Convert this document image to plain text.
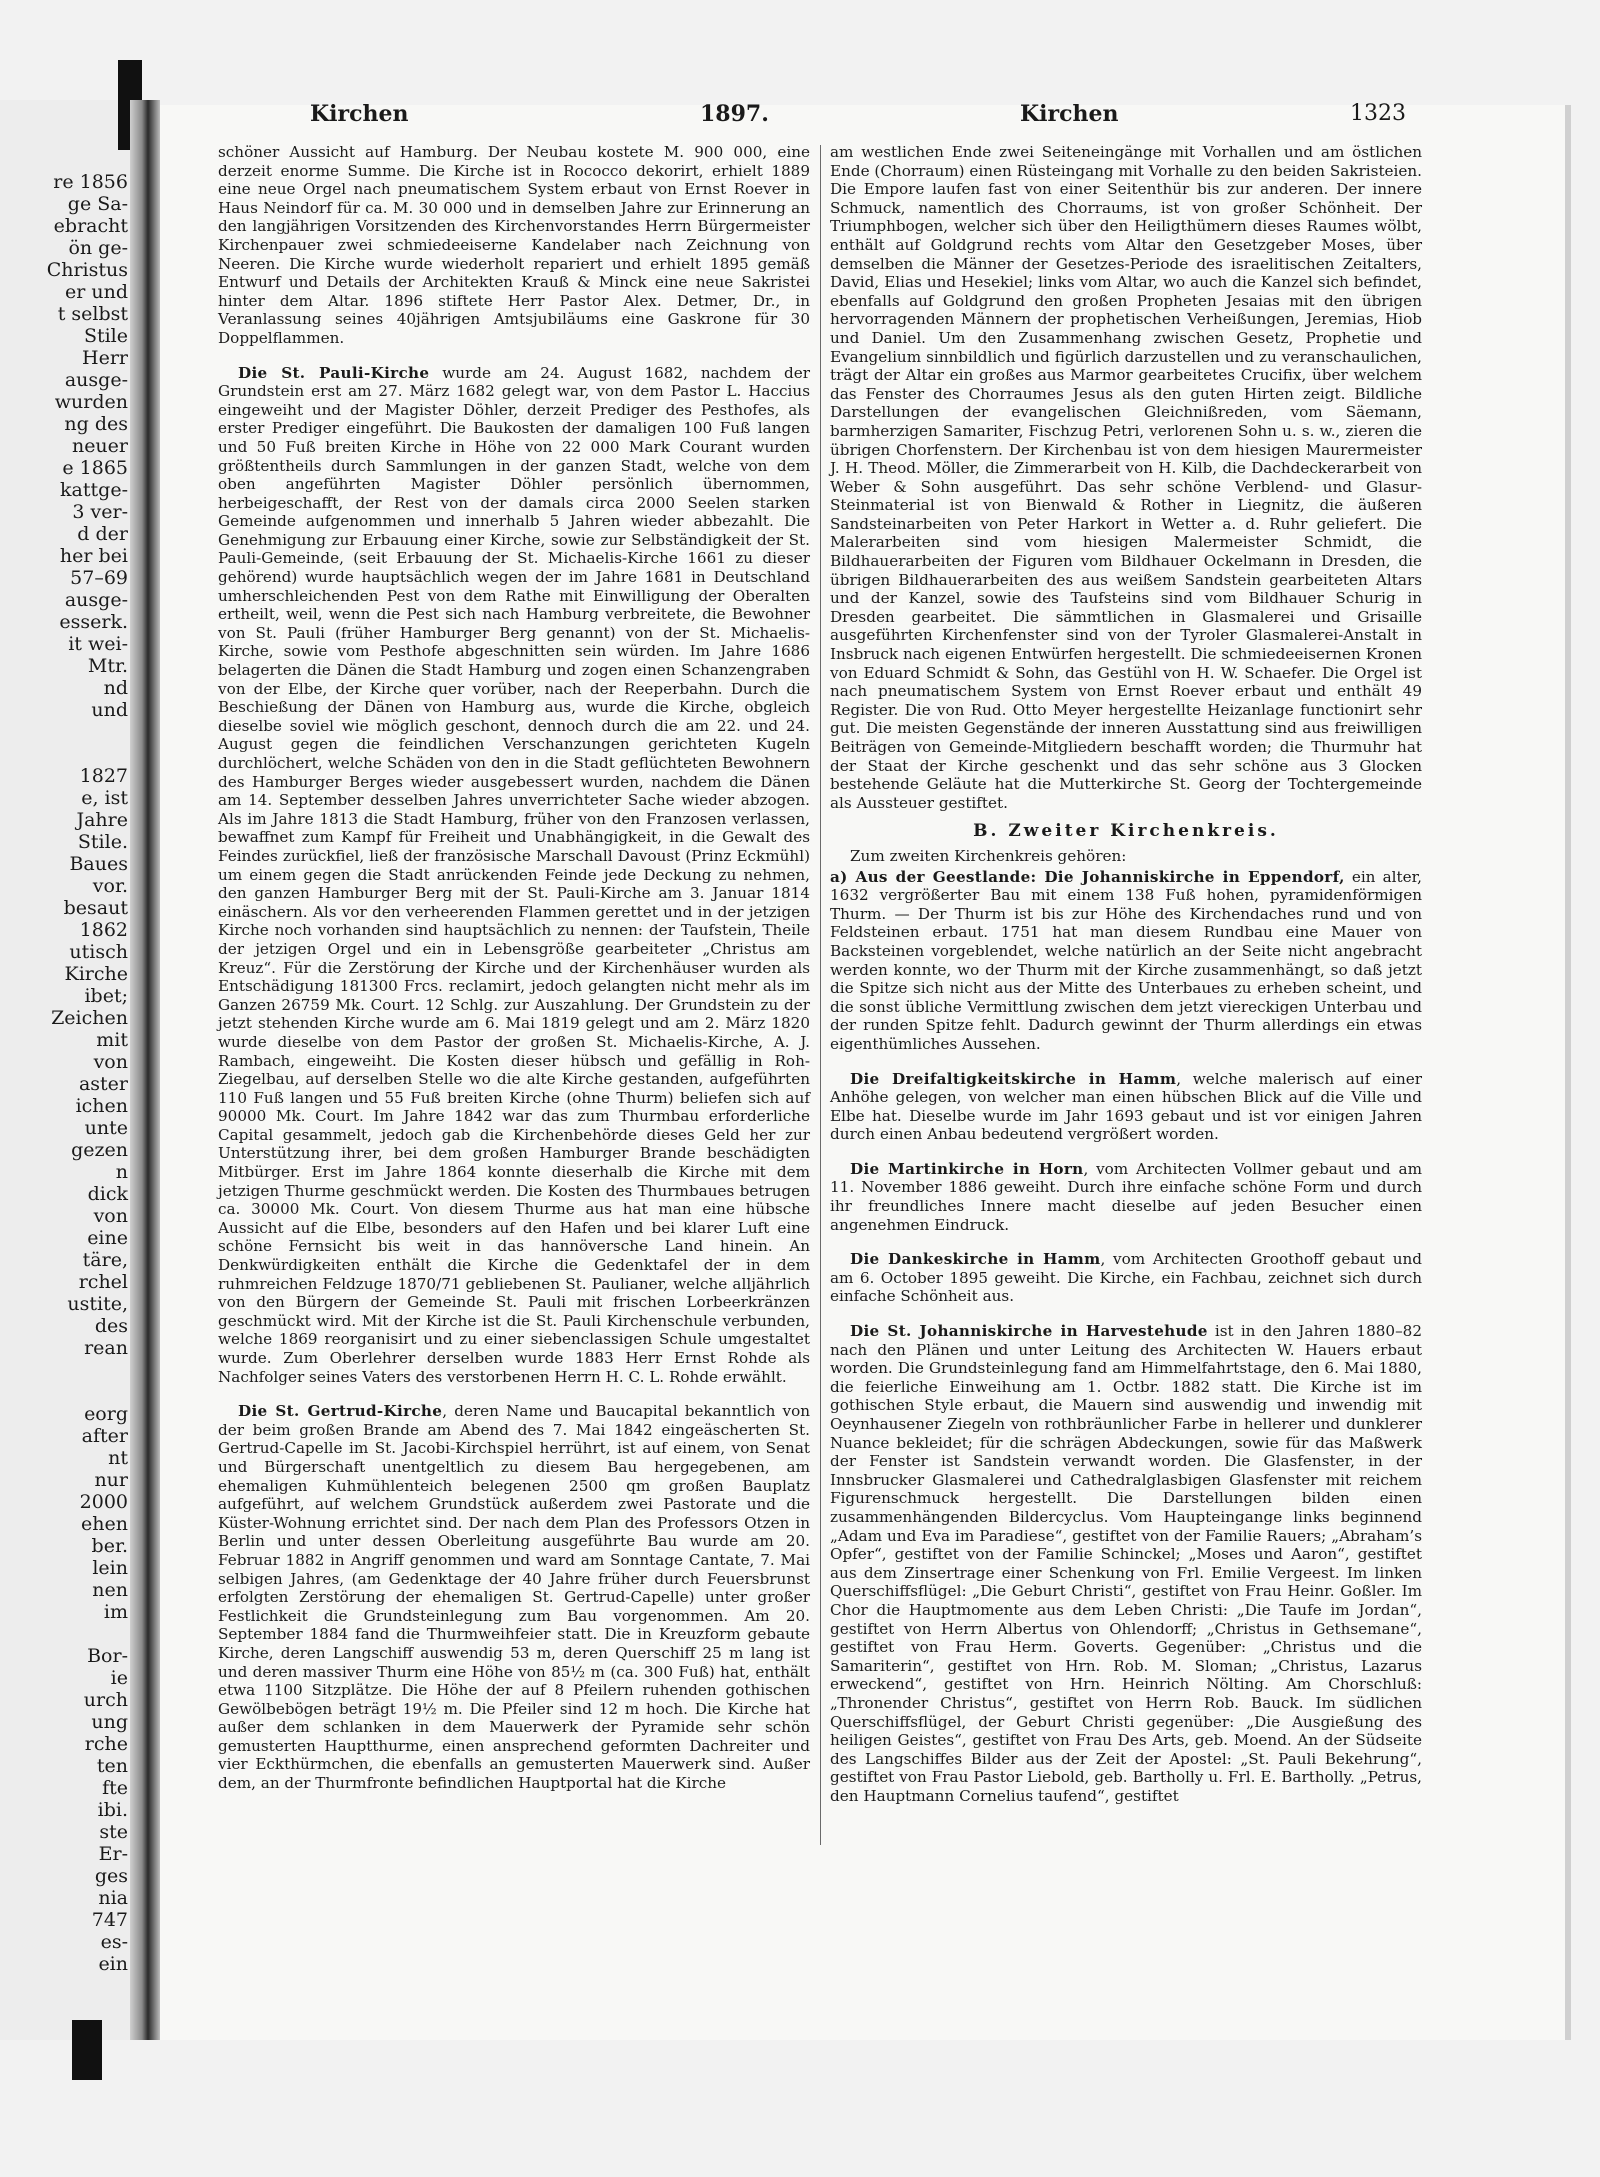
re 1856
ge Sa-
ebracht
ön ge-
Christus
er und
t selbst
Stile
Herr
ausge-
wurden
ng des
neuer
e 1865
kattge-
3 ver-
d der
her bei
57–69
ausge-
esserk.
it wei-
Mtr.
nd
und
1827
e, ist
Jahre
Stile.
Baues
vor.
besaut
1862
utisch
Kirche
ibet;
Zeichen
mit
von
aster
ichen
unte
gezen
n
dick
von
eine
täre,
rchel
ustite,
des
rean
eorg
after
nt
nur
2000
ehen
ber.
lein
nen
im
Bor-
ie
urch
ung
rche
ten
fte
ibi.
ste
Er-
ges
nia
747
es-
ein
Kirchen	1897.	Kirchen	1323

schöner Aussicht auf Hamburg. Der Neubau kostete M. 900 000, eine derzeit enorme Summe. Die Kirche ist in Rococco dekorirt, erhielt 1889 eine neue Orgel nach pneumatischem System erbaut von Ernst Roever in Haus Neindorf für ca. M. 30 000 und in demselben Jahre zur Erinnerung an den langjährigen Vorsitzenden des Kirchenvorstandes Herrn Bürgermeister Kirchenpauer zwei schmiedeeiserne Kandelaber nach Zeichnung von Neeren. Die Kirche wurde wiederholt repariert und erhielt 1895 gemäß Entwurf und Details der Architekten Krauß & Minck eine neue Sakristei hinter dem Altar. 1896 stiftete Herr Pastor Alex. Detmer, Dr., in Veranlassung seines 40jährigen Amtsjubiläums eine Gaskrone für 30 Doppelflammen.

Die St. Pauli-Kirche wurde am 24. August 1682, nachdem der Grundstein erst am 27. März 1682 gelegt war, von dem Pastor L. Haccius eingeweiht und der Magister Döhler, derzeit Prediger des Pesthofes, als erster Prediger eingeführt. Die Baukosten der damaligen 100 Fuß langen und 50 Fuß breiten Kirche in Höhe von 22 000 Mark Courant wurden größtentheils durch Sammlungen in der ganzen Stadt, welche von dem oben angeführten Magister Döhler persönlich übernommen, herbeigeschafft, der Rest von der damals circa 2000 Seelen starken Gemeinde aufgenommen und innerhalb 5 Jahren wieder abbezahlt. Die Genehmigung zur Erbauung einer Kirche, sowie zur Selbständigkeit der St. Pauli-Gemeinde, (seit Erbauung der St. Michaelis-Kirche 1661 zu dieser gehörend) wurde hauptsächlich wegen der im Jahre 1681 in Deutschland umherschleichenden Pest von dem Rathe mit Einwilligung der Oberalten ertheilt, weil, wenn die Pest sich nach Hamburg verbreitete, die Bewohner von St. Pauli (früher Hamburger Berg genannt) von der St. Michaelis-Kirche, sowie vom Pesthofe abgeschnitten sein würden. Im Jahre 1686 belagerten die Dänen die Stadt Hamburg und zogen einen Schanzengraben von der Elbe, der Kirche quer vorüber, nach der Reeperbahn. Durch die Beschießung der Dänen von Hamburg aus, wurde die Kirche, obgleich dieselbe soviel wie möglich geschont, dennoch durch die am 22. und 24. August gegen die feindlichen Verschanzungen gerichteten Kugeln durchlöchert, welche Schäden von den in die Stadt geflüchteten Bewohnern des Hamburger Berges wieder ausgebessert wurden, nachdem die Dänen am 14. September desselben Jahres unverrichteter Sache wieder abzogen. Als im Jahre 1813 die Stadt Hamburg, früher von den Franzosen verlassen, bewaffnet zum Kampf für Freiheit und Unabhängigkeit, in die Gewalt des Feindes zurückfiel, ließ der französische Marschall Davoust (Prinz Eckmühl) um einem gegen die Stadt anrückenden Feinde jede Deckung zu nehmen, den ganzen Hamburger Berg mit der St. Pauli-Kirche am 3. Januar 1814 einäschern. Als vor den verheerenden Flammen gerettet und in der jetzigen Kirche noch vorhanden sind hauptsächlich zu nennen: der Taufstein, Theile der jetzigen Orgel und ein in Lebensgröße gearbeiteter „Christus am Kreuz“. Für die Zerstörung der Kirche und der Kirchenhäuser wurden als Entschädigung 181300 Frcs. reclamirt, jedoch gelangten nicht mehr als im Ganzen 26759 Mk. Court. 12 Schlg. zur Auszahlung. Der Grundstein zu der jetzt stehenden Kirche wurde am 6. Mai 1819 gelegt und am 2. März 1820 wurde dieselbe von dem Pastor der großen St. Michaelis-Kirche, A. J. Rambach, eingeweiht. Die Kosten dieser hübsch und gefällig in Roh-Ziegelbau, auf derselben Stelle wo die alte Kirche gestanden, aufgeführten 110 Fuß langen und 55 Fuß breiten Kirche (ohne Thurm) beliefen sich auf 90000 Mk. Court. Im Jahre 1842 war das zum Thurmbau erforderliche Capital gesammelt, jedoch gab die Kirchenbehörde dieses Geld her zur Unterstützung ihrer, bei dem großen Hamburger Brande beschädigten Mitbürger. Erst im Jahre 1864 konnte dieserhalb die Kirche mit dem jetzigen Thurme geschmückt werden. Die Kosten des Thurmbaues betrugen ca. 30000 Mk. Court. Von diesem Thurme aus hat man eine hübsche Aussicht auf die Elbe, besonders auf den Hafen und bei klarer Luft eine schöne Fernsicht bis weit in das hannöversche Land hinein. An Denkwürdigkeiten enthält die Kirche die Gedenktafel der in dem ruhmreichen Feldzuge 1870/71 gebliebenen St. Paulianer, welche alljährlich von den Bürgern der Gemeinde St. Pauli mit frischen Lorbeerkränzen geschmückt wird. Mit der Kirche ist die St. Pauli Kirchenschule verbunden, welche 1869 reorganisirt und zu einer siebenclassigen Schule umgestaltet wurde. Zum Oberlehrer derselben wurde 1883 Herr Ernst Rohde als Nachfolger seines Vaters des verstorbenen Herrn H. C. L. Rohde erwählt.

Die St. Gertrud-Kirche, deren Name und Baucapital bekanntlich von der beim großen Brande am Abend des 7. Mai 1842 eingeäscherten St. Gertrud-Capelle im St. Jacobi-Kirchspiel herrührt, ist auf einem, von Senat und Bürgerschaft unentgeltlich zu diesem Bau hergegebenen, am ehemaligen Kuhmühlenteich belegenen 2500 qm großen Bauplatz aufgeführt, auf welchem Grundstück außerdem zwei Pastorate und die Küster-Wohnung errichtet sind. Der nach dem Plan des Professors Otzen in Berlin und unter dessen Oberleitung ausgeführte Bau wurde am 20. Februar 1882 in Angriff genommen und ward am Sonntage Cantate, 7. Mai selbigen Jahres, (am Gedenktage der 40 Jahre früher durch Feuersbrunst erfolgten Zerstörung der ehemaligen St. Gertrud-Capelle) unter großer Festlichkeit die Grundsteinlegung zum Bau vorgenommen. Am 20. September 1884 fand die Thurmweihfeier statt. Die in Kreuzform gebaute Kirche, deren Langschiff auswendig 53 m, deren Querschiff 25 m lang ist und deren massiver Thurm eine Höhe von 85½ m (ca. 300 Fuß) hat, enthält etwa 1100 Sitzplätze. Die Höhe der auf 8 Pfeilern ruhenden gothischen Gewölbebögen beträgt 19½ m. Die Pfeiler sind 12 m hoch. Die Kirche hat außer dem schlanken in dem Mauerwerk der Pyramide sehr schön gemusterten Hauptthurme, einen ansprechend geformten Dachreiter und vier Eckthürmchen, die ebenfalls an gemusterten Mauerwerk sind. Außer dem, an der Thurmfronte befindlichen Hauptportal hat die Kirche

am westlichen Ende zwei Seiteneingänge mit Vorhallen und am östlichen Ende (Chorraum) einen Rüsteingang mit Vorhalle zu den beiden Sakristeien. Die Empore laufen fast von einer Seitenthür bis zur anderen. Der innere Schmuck, namentlich des Chorraums, ist von großer Schönheit. Der Triumphbogen, welcher sich über den Heiligthümern dieses Raumes wölbt, enthält auf Goldgrund rechts vom Altar den Gesetzgeber Moses, über demselben die Männer der Gesetzes-Periode des israelitischen Zeitalters, David, Elias und Hesekiel; links vom Altar, wo auch die Kanzel sich befindet, ebenfalls auf Goldgrund den großen Propheten Jesaias mit den übrigen hervorragenden Männern der prophetischen Verheißungen, Jeremias, Hiob und Daniel. Um den Zusammenhang zwischen Gesetz, Prophetie und Evangelium sinnbildlich und figürlich darzustellen und zu veranschaulichen, trägt der Altar ein großes aus Marmor gearbeitetes Crucifix, über welchem das Fenster des Chorraumes Jesus als den guten Hirten zeigt. Bildliche Darstellungen der evangelischen Gleichnißreden, vom Säemann, barmherzigen Samariter, Fischzug Petri, verlorenen Sohn u. s. w., zieren die übrigen Chorfenstern. Der Kirchenbau ist von dem hiesigen Maurermeister J. H. Theod. Möller, die Zimmerarbeit von H. Kilb, die Dachdeckerarbeit von Weber & Sohn ausgeführt. Das sehr schöne Verblend- und Glasur-Steinmaterial ist von Bienwald & Rother in Liegnitz, die äußeren Sandsteinarbeiten von Peter Harkort in Wetter a. d. Ruhr geliefert. Die Malerarbeiten sind vom hiesigen Malermeister Schmidt, die Bildhauerarbeiten der Figuren vom Bildhauer Ockelmann in Dresden, die übrigen Bildhauerarbeiten des aus weißem Sandstein gearbeiteten Altars und der Kanzel, sowie des Taufsteins sind vom Bildhauer Schurig in Dresden gearbeitet. Die sämmtlichen in Glasmalerei und Grisaille ausgeführten Kirchenfenster sind von der Tyroler Glasmalerei-Anstalt in Insbruck nach eigenen Entwürfen hergestellt. Die schmiedeeisernen Kronen von Eduard Schmidt & Sohn, das Gestühl von H. W. Schaefer. Die Orgel ist nach pneumatischem System von Ernst Roever erbaut und enthält 49 Register. Die von Rud. Otto Meyer hergestellte Heizanlage functionirt sehr gut. Die meisten Gegenstände der inneren Ausstattung sind aus freiwilligen Beiträgen von Gemeinde-Mitgliedern beschafft worden; die Thurmuhr hat der Staat der Kirche geschenkt und das sehr schöne aus 3 Glocken bestehende Geläute hat die Mutterkirche St. Georg der Tochtergemeinde als Aussteuer gestiftet.

B. Zweiter Kirchenkreis.

Zum zweiten Kirchenkreis gehören:

a) Aus der Geestlande: Die Johanniskirche in Eppendorf, ein alter, 1632 vergrößerter Bau mit einem 138 Fuß hohen, pyramidenförmigen Thurm. — Der Thurm ist bis zur Höhe des Kirchendaches rund und von Feldsteinen erbaut. 1751 hat man diesem Rundbau eine Mauer von Backsteinen vorgeblendet, welche natürlich an der Seite nicht angebracht werden konnte, wo der Thurm mit der Kirche zusammenhängt, so daß jetzt die Spitze sich nicht aus der Mitte des Unterbaues zu erheben scheint, und die sonst übliche Vermittlung zwischen dem jetzt viereckigen Unterbau und der runden Spitze fehlt. Dadurch gewinnt der Thurm allerdings ein etwas eigenthümliches Aussehen.

Die Dreifaltigkeitskirche in Hamm, welche malerisch auf einer Anhöhe gelegen, von welcher man einen hübschen Blick auf die Ville und Elbe hat. Dieselbe wurde im Jahr 1693 gebaut und ist vor einigen Jahren durch einen Anbau bedeutend vergrößert worden.

Die Martinkirche in Horn, vom Architecten Vollmer gebaut und am 11. November 1886 geweiht. Durch ihre einfache schöne Form und durch ihr freundliches Innere macht dieselbe auf jeden Besucher einen angenehmen Eindruck.

Die Dankeskirche in Hamm, vom Architecten Groothoff gebaut und am 6. October 1895 geweiht. Die Kirche, ein Fachbau, zeichnet sich durch einfache Schönheit aus.

Die St. Johanniskirche in Harvestehude ist in den Jahren 1880–82 nach den Plänen und unter Leitung des Architecten W. Hauers erbaut worden. Die Grundsteinlegung fand am Himmelfahrtstage, den 6. Mai 1880, die feierliche Einweihung am 1. Octbr. 1882 statt. Die Kirche ist im gothischen Style erbaut, die Mauern sind auswendig und inwendig mit Oeynhausener Ziegeln von rothbräunlicher Farbe in hellerer und dunklerer Nuance bekleidet; für die schrägen Abdeckungen, sowie für das Maßwerk der Fenster ist Sandstein verwandt worden. Die Glasfenster, in der Innsbrucker Glasmalerei und Cathedralglasbigen Glasfenster mit reichem Figurenschmuck hergestellt. Die Darstellungen bilden einen zusammenhängenden Bildercyclus. Vom Haupteingange links beginnend „Adam und Eva im Paradiese“, gestiftet von der Familie Rauers; „Abraham’s Opfer“, gestiftet von der Familie Schinckel; „Moses und Aaron“, gestiftet aus dem Zinsertrage einer Schenkung von Frl. Emilie Vergeest. Im linken Querschiffsflügel: „Die Geburt Christi“, gestiftet von Frau Heinr. Goßler. Im Chor die Hauptmomente aus dem Leben Christi: „Die Taufe im Jordan“, gestiftet von Herrn Albertus von Ohlendorff; „Christus in Gethsemane“, gestiftet von Frau Herm. Goverts. Gegenüber: „Christus und die Samariterin“, gestiftet von Hrn. Rob. M. Sloman; „Christus, Lazarus erweckend“, gestiftet von Hrn. Heinrich Nölting. Am Chorschluß: „Thronender Christus“, gestiftet von Herrn Rob. Bauck. Im südlichen Querschiffsflügel, der Geburt Christi gegenüber: „Die Ausgießung des heiligen Geistes“, gestiftet von Frau Des Arts, geb. Moend. An der Südseite des Langschiffes Bilder aus der Zeit der Apostel: „St. Pauli Bekehrung“, gestiftet von Frau Pastor Liebold, geb. Bartholly u. Frl. E. Bartholly. „Petrus, den Hauptmann Cornelius taufend“, gestiftet
